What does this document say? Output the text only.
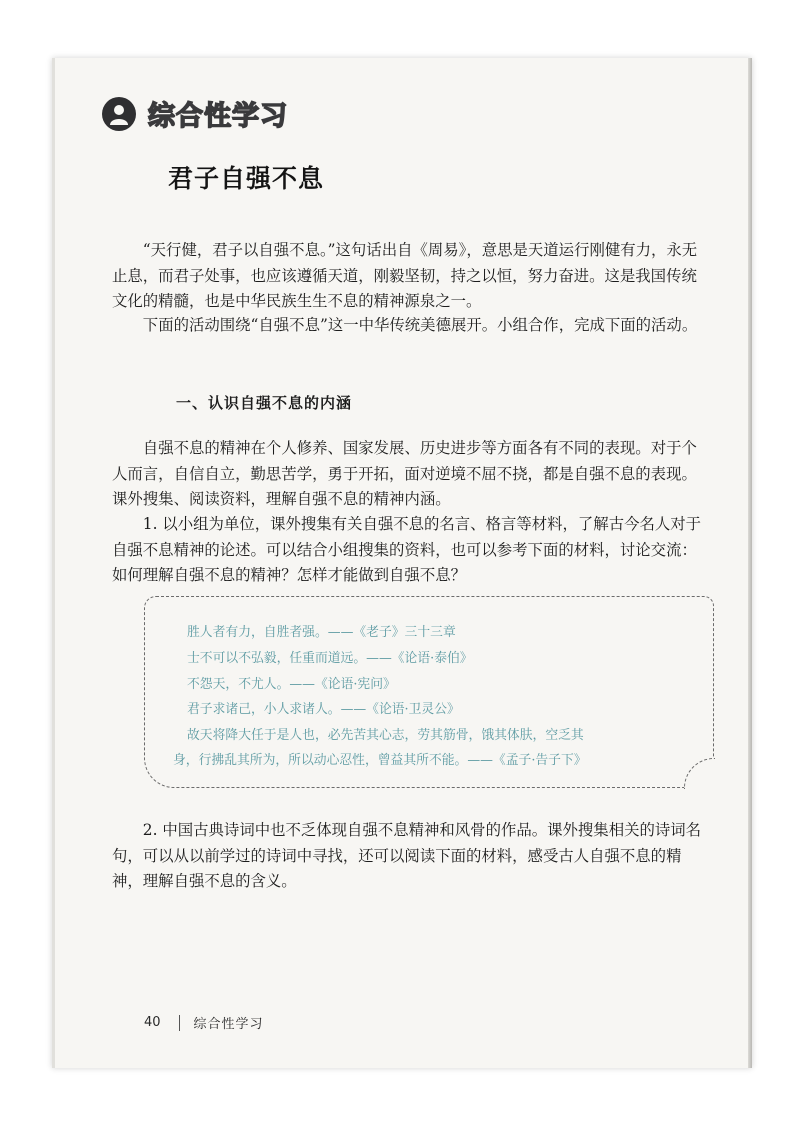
综合性学习
君子自强不息

“天行健，君子以自强不息。”这句话出自《周易》，意思是天道运行刚健有力，永无止息，而君子处事，也应该遵循天道，刚毅坚韧，持之以恒，努力奋进。这是我国传统文化的精髓，也是中华民族生生不息的精神源泉之一。

下面的活动围绕“自强不息”这一中华传统美德展开。小组合作，完成下面的活动。

一、认识自强不息的内涵

自强不息的精神在个人修养、国家发展、历史进步等方面各有不同的表现。对于个人而言，自信自立，勤思苦学，勇于开拓，面对逆境不屈不挠，都是自强不息的表现。课外搜集、阅读资料，理解自强不息的精神内涵。

1. 以小组为单位，课外搜集有关自强不息的名言、格言等材料，了解古今名人对于自强不息精神的论述。可以结合小组搜集的资料，也可以参考下面的材料，讨论交流：如何理解自强不息的精神？怎样才能做到自强不息？

胜人者有力，自胜者强。——《老子》三十三章
士不可以不弘毅，任重而道远。——《论语·泰伯》
不怨天，不尤人。——《论语·宪问》
君子求诸己，小人求诸人。——《论语·卫灵公》
故天将降大任于是人也，必先苦其心志，劳其筋骨，饿其体肤，空乏其
身，行拂乱其所为，所以动心忍性，曾益其所不能。——《孟子·告子下》

2. 中国古典诗词中也不乏体现自强不息精神和风骨的作品。课外搜集相关的诗词名句，可以从以前学过的诗词中寻找，还可以阅读下面的材料，感受古人自强不息的精神，理解自强不息的含义。

40	综合性学习
